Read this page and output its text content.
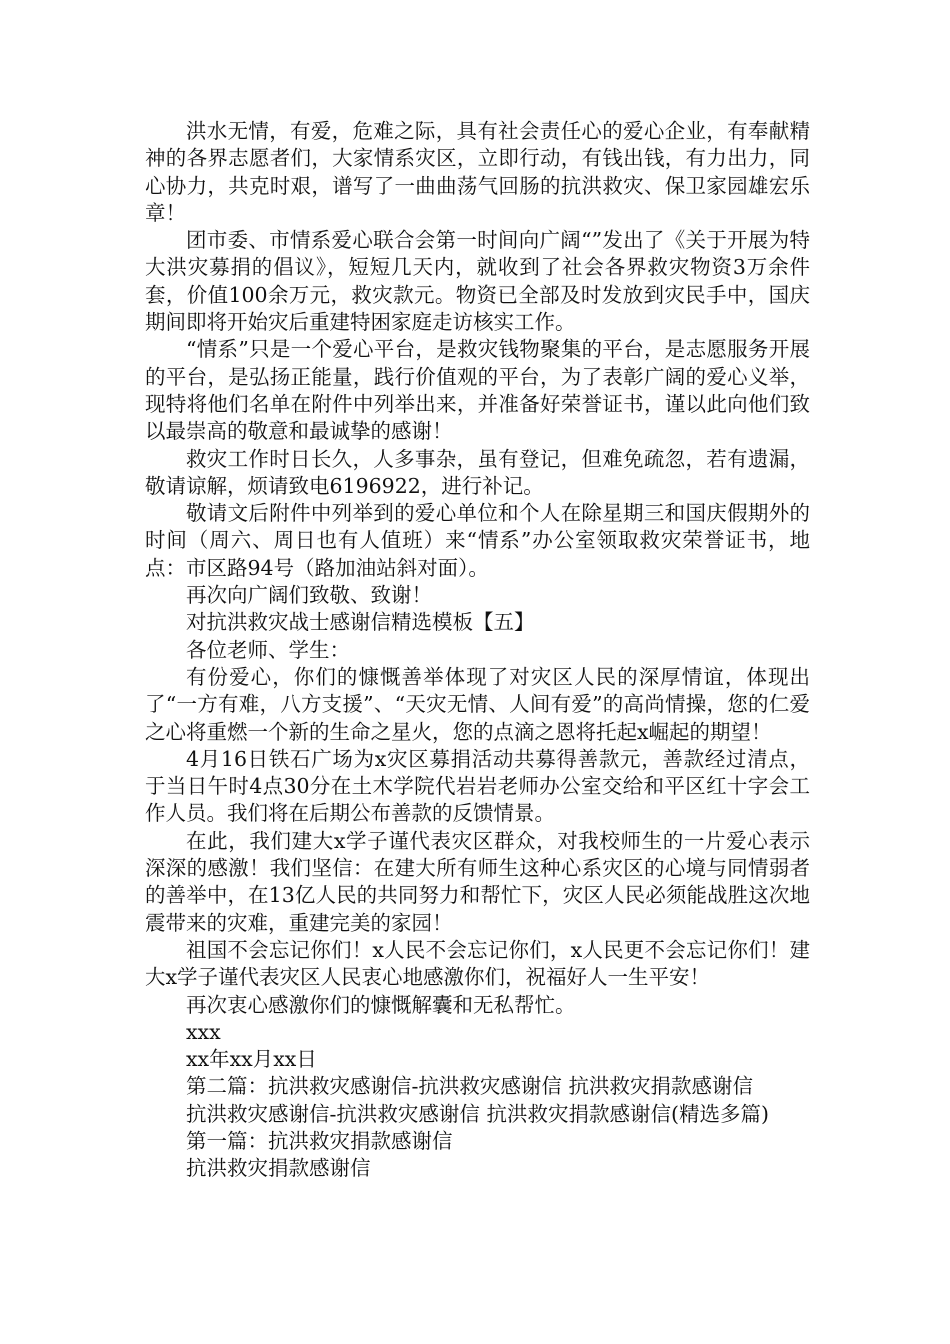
洪水无情，有爱，危难之际，具有社会责任心的爱心企业，有奉献精神的各界志愿者们，大家情系灾区，立即行动，有钱出钱，有力出力，同心协力，共克时艰，谱写了一曲曲荡气回肠的抗洪救灾、保卫家园雄宏乐章！

团市委、市情系爱心联合会第一时间向广阔“”发出了《关于开展为特大洪灾募捐的倡议》，短短几天内，就收到了社会各界救灾物资3万余件套，价值100余万元，救灾款元。物资已全部及时发放到灾民手中，国庆期间即将开始灾后重建特困家庭走访核实工作。

“情系”只是一个爱心平台，是救灾钱物聚集的平台，是志愿服务开展的平台，是弘扬正能量，践行价值观的平台，为了表彰广阔的爱心义举，现特将他们名单在附件中列举出来，并准备好荣誉证书，谨以此向他们致以最崇高的敬意和最诚挚的感谢！

救灾工作时日长久，人多事杂，虽有登记，但难免疏忽，若有遗漏，敬请谅解，烦请致电6196922，进行补记。

敬请文后附件中列举到的爱心单位和个人在除星期三和国庆假期外的时间（周六、周日也有人值班）来“情系”办公室领取救灾荣誉证书，地点：市区路94号（路加油站斜对面）。

再次向广阔们致敬、致谢！

对抗洪救灾战士感谢信精选模板【五】

各位老师、学生：

有份爱心，你们的慷慨善举体现了对灾区人民的深厚情谊，体现出了“一方有难，八方支援”、“天灾无情、人间有爱”的高尚情操，您的仁爱之心将重燃一个新的生命之星火，您的点滴之恩将托起x崛起的期望！

4月16日铁石广场为x灾区募捐活动共募得善款元，善款经过清点，于当日午时4点30分在土木学院代岩岩老师办公室交给和平区红十字会工作人员。我们将在后期公布善款的反馈情景。

在此，我们建大x学子谨代表灾区群众，对我校师生的一片爱心表示深深的感激！我们坚信：在建大所有师生这种心系灾区的心境与同情弱者的善举中，在13亿人民的共同努力和帮忙下，灾区人民必须能战胜这次地震带来的灾难，重建完美的家园！

祖国不会忘记你们！x人民不会忘记你们，x人民更不会忘记你们！建大x学子谨代表灾区人民衷心地感激你们，祝福好人一生平安！

再次衷心感激你们的慷慨解囊和无私帮忙。

xxx

xx年xx月xx日

第二篇：抗洪救灾感谢信-抗洪救灾感谢信 抗洪救灾捐款感谢信

抗洪救灾感谢信-抗洪救灾感谢信 抗洪救灾捐款感谢信(精选多篇)

第一篇：抗洪救灾捐款感谢信

抗洪救灾捐款感谢信
